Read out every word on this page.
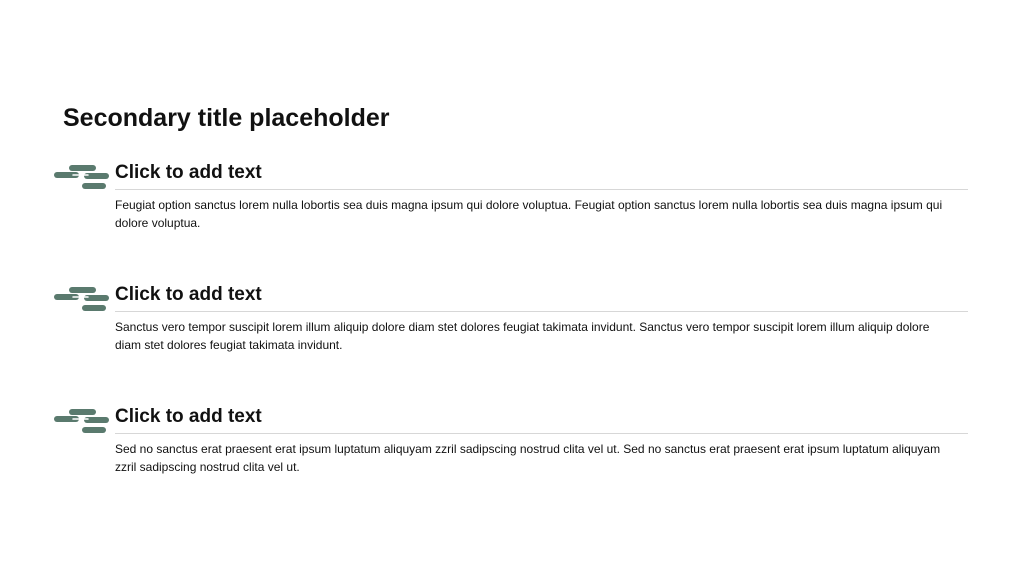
Secondary title placeholder
Click to add text

Feugiat option sanctus lorem nulla lobortis sea duis magna ipsum qui dolore voluptua. Feugiat option sanctus lorem nulla lobortis sea duis magna ipsum qui dolore voluptua.

Click to add text

Sanctus vero tempor suscipit lorem illum aliquip dolore diam stet dolores feugiat takimata invidunt. Sanctus vero tempor suscipit lorem illum aliquip dolore diam stet dolores feugiat takimata invidunt.

Click to add text

Sed no sanctus erat praesent erat ipsum luptatum aliquyam zzril sadipscing nostrud clita vel ut. Sed no sanctus erat praesent erat ipsum luptatum aliquyam zzril sadipscing nostrud clita vel ut.
